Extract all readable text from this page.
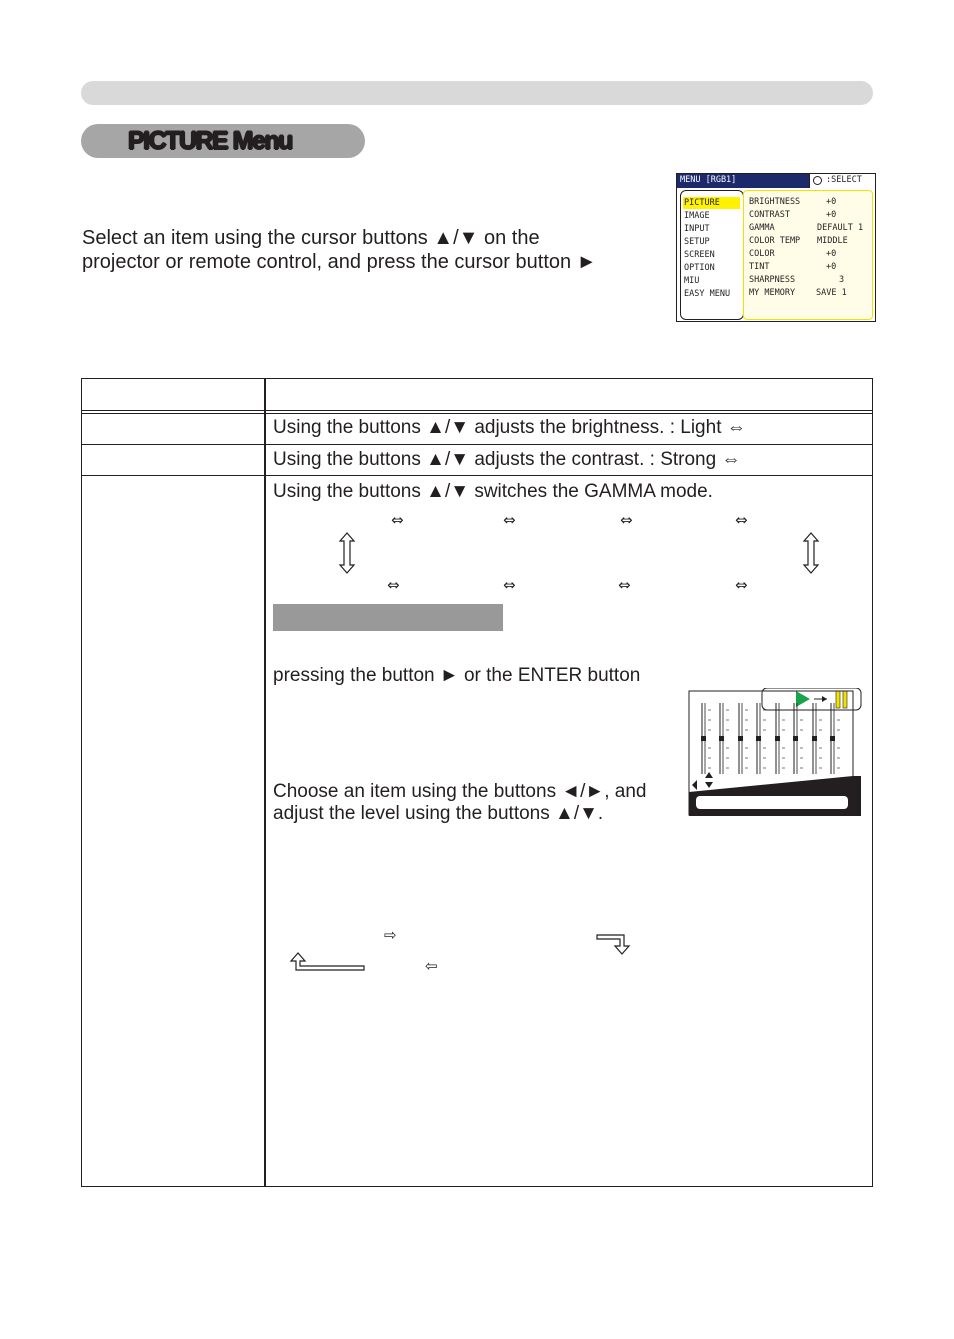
PICTURE Menu
Select an item using the cursor buttons ▲/▼ on the
projector or remote control, and press the cursor button ►
MENU [RGB1]	:SELECT
PICTURE
IMAGE
INPUT
SETUP
SCREEN
OPTION
MIU
EASY MENU
BRIGHTNESS	+0
CONTRAST	+0
GAMMA	DEFAULT 1
COLOR TEMP MIDDLE
COLOR	+0
TINT	+0
SHARPNESS	3
MY MEMORY SAVE 1
Using the buttons ▲/▼ adjusts the brightness. : Light ⇔
Using the buttons ▲/▼ adjusts the contrast. : Strong ⇔
Using the buttons ▲/▼ switches the GAMMA mode.
⇔	⇔	⇔	⇔
⇔	⇔	⇔	⇔
pressing the button ► or the ENTER button
Choose an item using the buttons ◄/►, and
adjust the level using the buttons ▲/▼.
⇨
⇦
